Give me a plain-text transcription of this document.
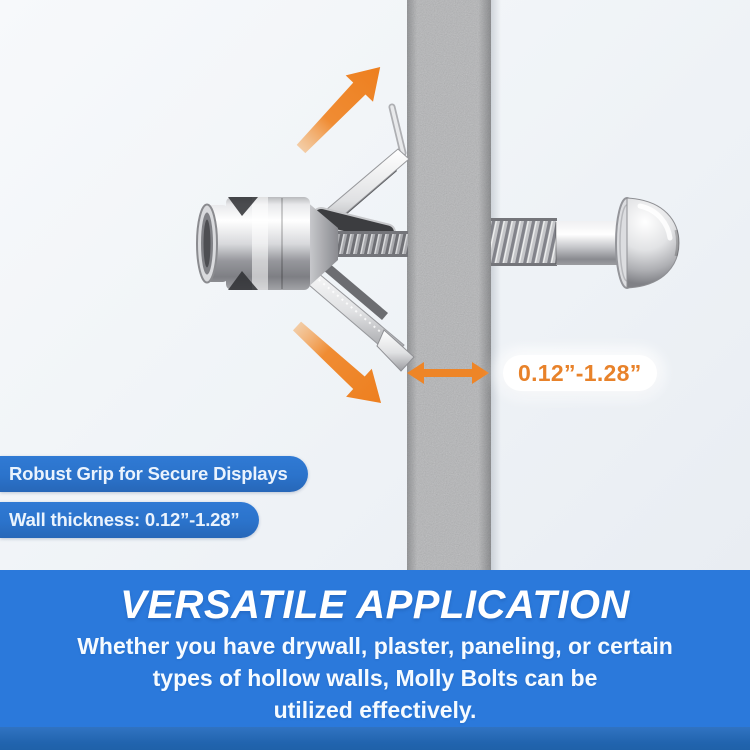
0.12”-1.28”
Robust Grip for Secure Displays
Wall thickness: 0.12”-1.28”
VERSATILE APPLICATION
Whether you have drywall, plaster, paneling, or certain
types of hollow walls, Molly Bolts can be
utilized effectively.
